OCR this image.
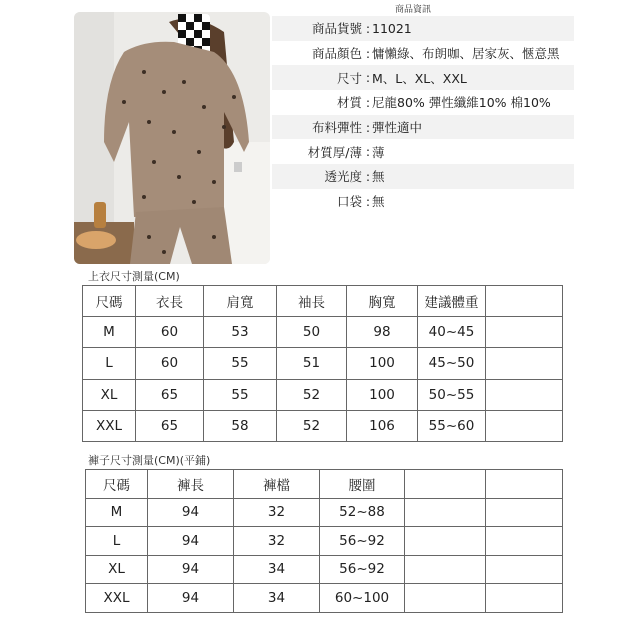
商品資訊
商品貨號 : 11021
商品顏色 : 慵懶綠、布朗咖、居家灰、愜意黑
尺寸 : M、L、XL、XXL
材質 : 尼龍80% 彈性纖維10% 棉10%
布料彈性 : 彈性適中
材質厚/薄 : 薄
透光度 : 無
口袋 : 無
上衣尺寸測量(CM)
尺碼	衣長	肩寬	袖長	胸寬	建議體重	
M	60	53	50	98	40~45	
L	60	55	51	100	45~50	
XL	65	55	52	100	50~55	
XXL	65	58	52	106	55~60	
褲子尺寸測量(CM)(平鋪)
尺碼	褲長	褲檔	腰圍		
M	94	32	52~88		
L	94	32	56~92		
XL	94	34	56~92		
XXL	94	34	60~100		
